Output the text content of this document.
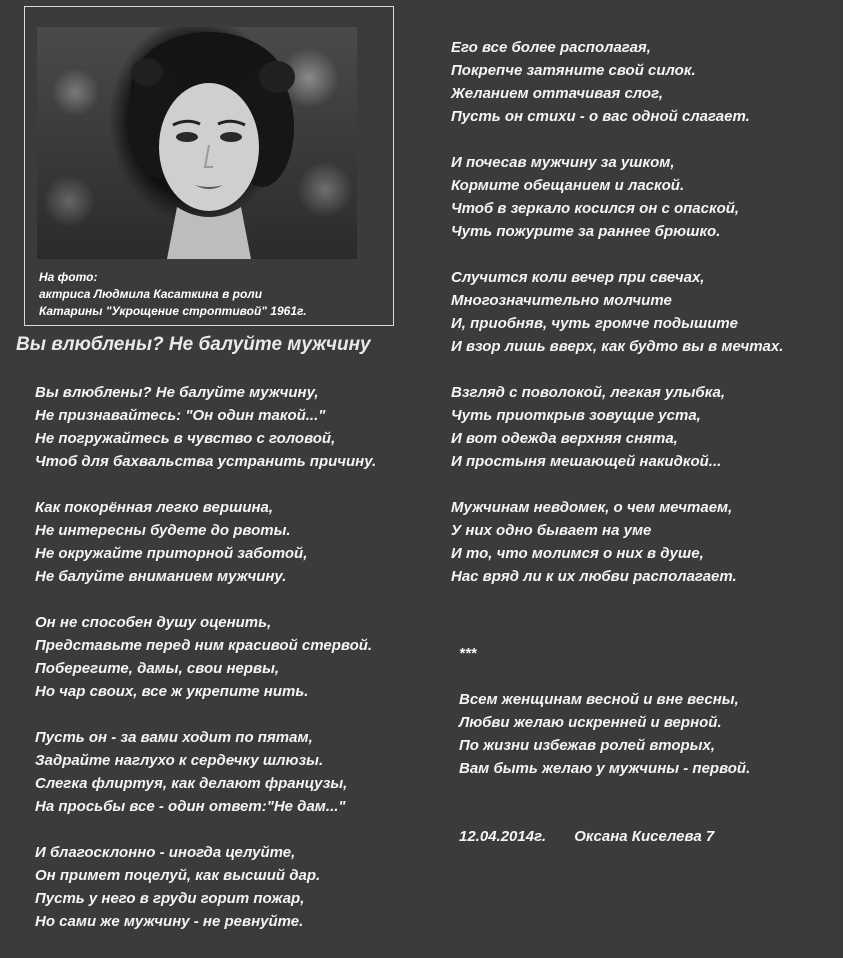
На фото:
актриса Людмила Касаткина в роли
Катарины "Укрощение строптивой" 1961г.
Вы влюблены? Не балуйте мужчину
Вы влюблены? Не балуйте мужчину,
Не признавайтесь: "Он один такой..."
Не погружайтесь в чувство с головой,
Чтоб для бахвальства устранить причину.
Как покорённая легко вершина,
Не интересны будете до рвоты.
Не окружайте приторной заботой,
Не балуйте вниманием мужчину.
Он не способен душу оценить,
Представьте перед ним красивой стервой.
Поберегите, дамы, свои нервы,
Но чар своих, все ж укрепите нить.
Пусть он - за вами ходит по пятам,
Задрайте наглухо к сердечку шлюзы.
Слегка флиртуя, как делают французы,
На просьбы все - один ответ:"Не дам..."
И благосклонно - иногда целуйте,
Он примет поцелуй, как высший дар.
Пусть у него в груди горит пожар,
Но сами же мужчину - не ревнуйте.
Его все более располагая,
Покрепче затяните свой силок.
Желанием оттачивая слог,
Пусть он стихи - о вас одной слагает.
И почесав мужчину за ушком,
Кормите обещанием и лаской.
Чтоб в зеркало косился он с опаской,
Чуть пожурите за раннее брюшко.
Случится коли вечер при свечах,
Многозначительно молчите
И, приобняв, чуть громче подышите
И взор лишь вверх, как будто вы в мечтах.
Взгляд с поволокой, легкая улыбка,
Чуть приоткрыв зовущие уста,
И вот одежда верхняя снята,
И простыня мешающей накидкой...
Мужчинам невдомек, о чем мечтаем,
У них одно бывает на уме
И то, что молимся о них в душе,
Нас вряд ли к их любви располагает.
***
Всем женщинам весной и вне весны,
Любви желаю искренней и верной.
По жизни избежав ролей вторых,
Вам быть желаю у мужчины - первой.
12.04.2014г. Оксана Киселева 7
